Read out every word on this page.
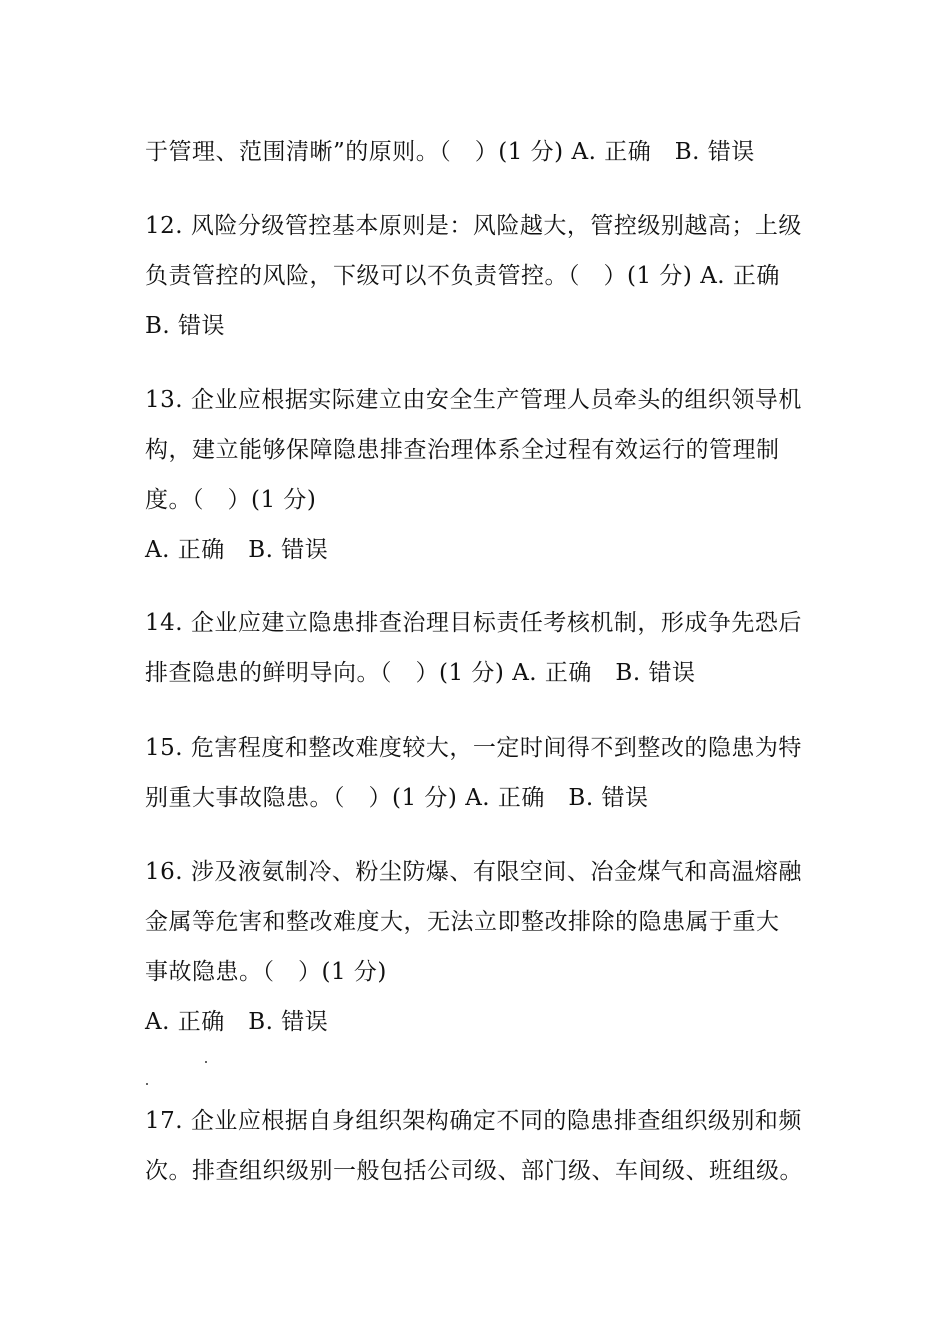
于管理、范围清晰”的原则。（　）(1 分) A. 正确　B. 错误
12. 风险分级管控基本原则是：风险越大，管控级别越高；上级
负责管控的风险，下级可以不负责管控。（　）(1 分) A. 正确
B. 错误
13. 企业应根据实际建立由安全生产管理人员牵头的组织领导机
构，建立能够保障隐患排查治理体系全过程有效运行的管理制
度。（　）(1 分)
A. 正确　B. 错误
14. 企业应建立隐患排查治理目标责任考核机制，形成争先恐后
排查隐患的鲜明导向。（　）(1 分) A. 正确　B. 错误
15. 危害程度和整改难度较大，一定时间得不到整改的隐患为特
别重大事故隐患。（　）(1 分) A. 正确　B. 错误
16. 涉及液氨制冷、粉尘防爆、有限空间、冶金煤气和高温熔融
金属等危害和整改难度大，无法立即整改排除的隐患属于重大
事故隐患。（　）(1 分)
A. 正确　B. 错误
17. 企业应根据自身组织架构确定不同的隐患排查组织级别和频
次。排查组织级别一般包括公司级、部门级、车间级、班组级。
